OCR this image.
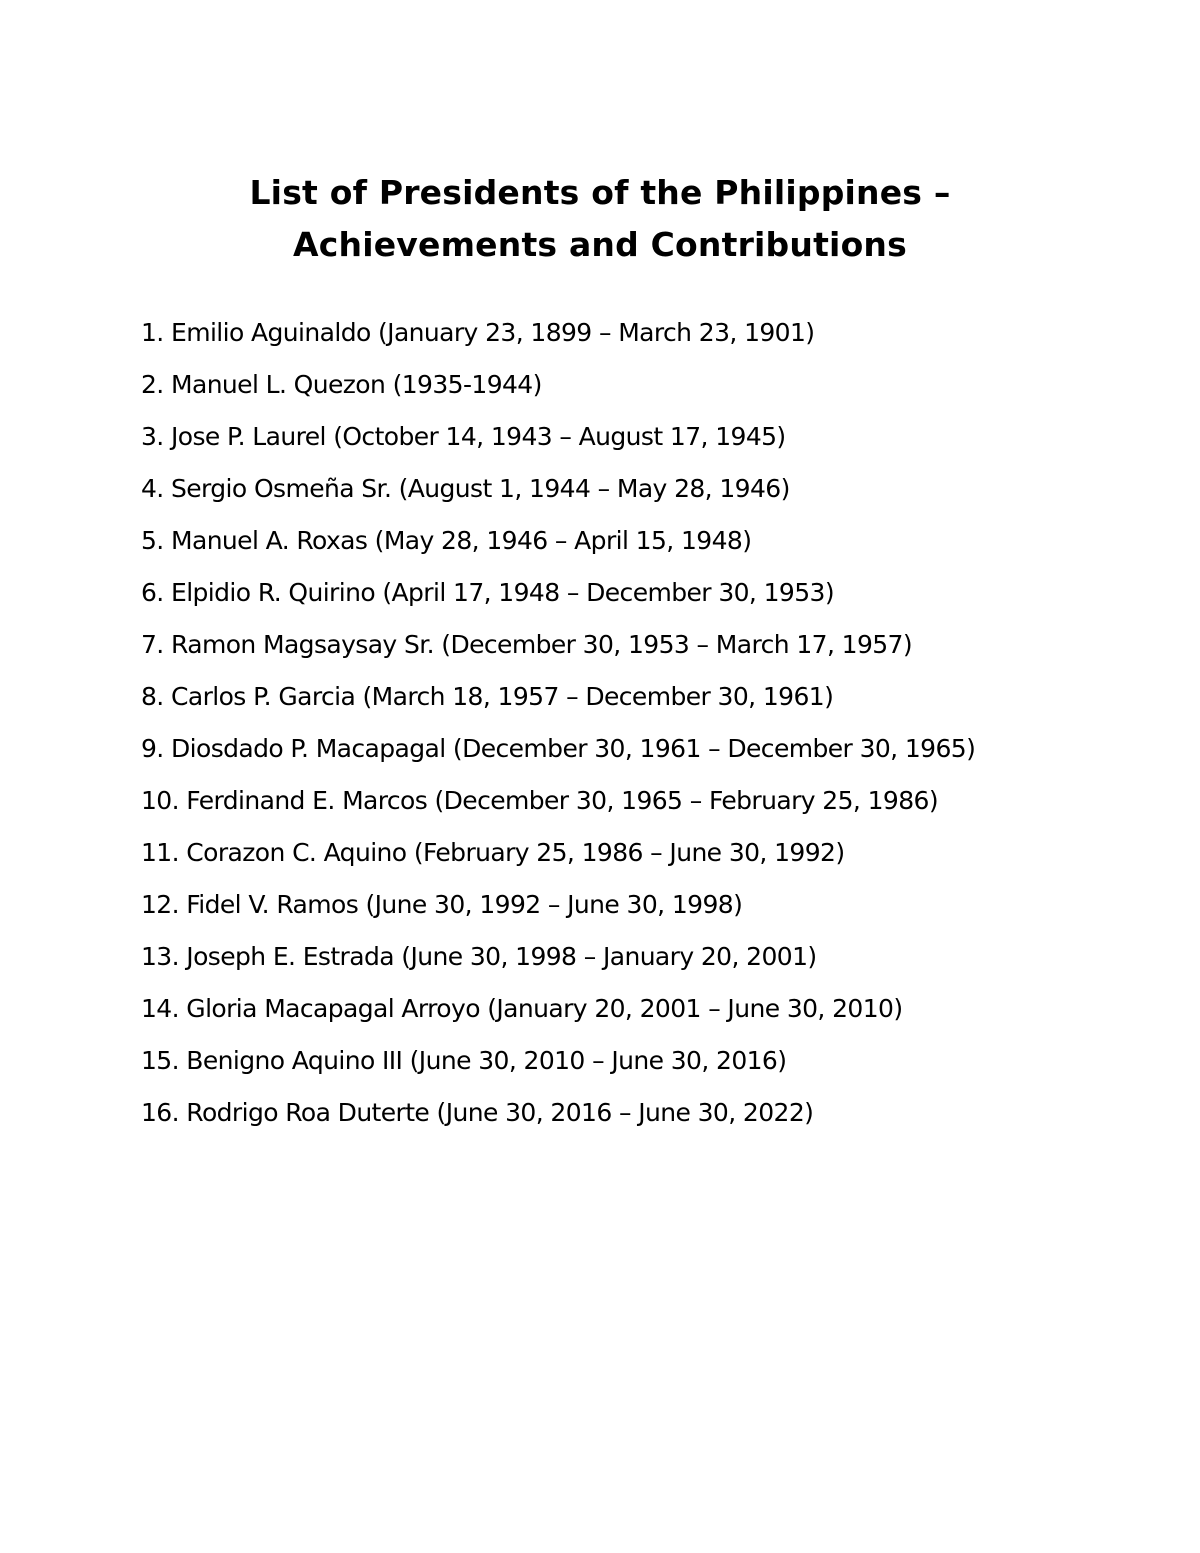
List of Presidents of the Philippines –
Achievements and Contributions
1. Emilio Aguinaldo (January 23, 1899 – March 23, 1901)
2. Manuel L. Quezon (1935-1944)
3. Jose P. Laurel (October 14, 1943 – August 17, 1945)
4. Sergio Osmeña Sr. (August 1, 1944 – May 28, 1946)
5. Manuel A. Roxas (May 28, 1946 – April 15, 1948)
6. Elpidio R. Quirino (April 17, 1948 – December 30, 1953)
7. Ramon Magsaysay Sr. (December 30, 1953 – March 17, 1957)
8. Carlos P. Garcia (March 18, 1957 – December 30, 1961)
9. Diosdado P. Macapagal (December 30, 1961 – December 30, 1965)
10. Ferdinand E. Marcos (December 30, 1965 – February 25, 1986)
11. Corazon C. Aquino (February 25, 1986 – June 30, 1992)
12. Fidel V. Ramos (June 30, 1992 – June 30, 1998)
13. Joseph E. Estrada (June 30, 1998 – January 20, 2001)
14. Gloria Macapagal Arroyo (January 20, 2001 – June 30, 2010)
15. Benigno Aquino III (June 30, 2010 – June 30, 2016)
16. Rodrigo Roa Duterte (June 30, 2016 – June 30, 2022)
